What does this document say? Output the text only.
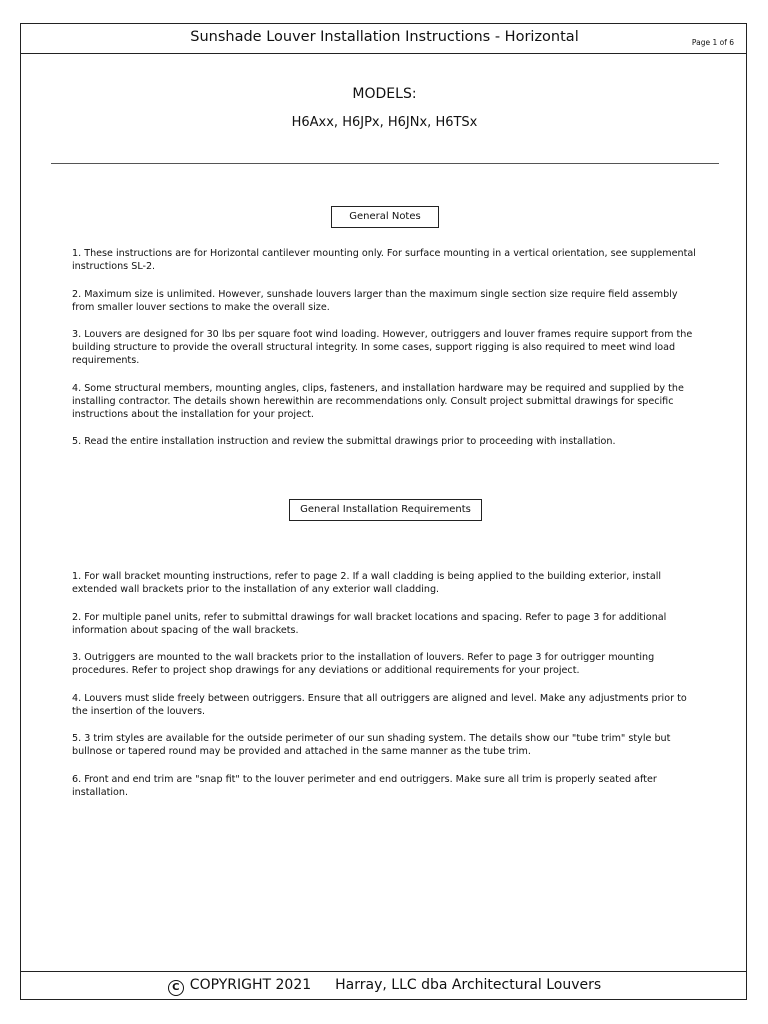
Sunshade Louver Installation Instructions - Horizontal	Page 1 of 6
MODELS:
H6Axx, H6JPx, H6JNx, H6TSx
General Notes

1. These instructions are for Horizontal cantilever mounting only. For surface mounting in a vertical orientation, see supplemental instructions SL-2.

2. Maximum size is unlimited. However, sunshade louvers larger than the maximum single section size require field assembly from smaller louver sections to make the overall size.

3. Louvers are designed for 30 lbs per square foot wind loading. However, outriggers and louver frames require support from the building structure to provide the overall structural integrity. In some cases, support rigging is also required to meet wind load requirements.

4. Some structural members, mounting angles, clips, fasteners, and installation hardware may be required and supplied by the installing contractor. The details shown herewithin are recommendations only. Consult project submittal drawings for specific instructions about the installation for your project.

5. Read the entire installation instruction and review the submittal drawings prior to proceeding with installation.

General Installation Requirements

1. For wall bracket mounting instructions, refer to page 2. If a wall cladding is being applied to the building exterior, install extended wall brackets prior to the installation of any exterior wall cladding.

2. For multiple panel units, refer to submittal drawings for wall bracket locations and spacing. Refer to page 3 for additional information about spacing of the wall brackets.

3. Outriggers are mounted to the wall brackets prior to the installation of louvers. Refer to page 3 for outrigger mounting procedures. Refer to project shop drawings for any deviations or additional requirements for your project.

4. Louvers must slide freely between outriggers. Ensure that all outriggers are aligned and level. Make any adjustments prior to the insertion of the louvers.

5. 3 trim styles are available for the outside perimeter of our sun shading system. The details show our "tube trim" style but bullnose or tapered round may be provided and attached in the same manner as the tube trim.

6. Front and end trim are "snap fit" to the louver perimeter and end outriggers. Make sure all trim is properly seated after installation.

C COPYRIGHT 2021 Harray, LLC dba Architectural Louvers
